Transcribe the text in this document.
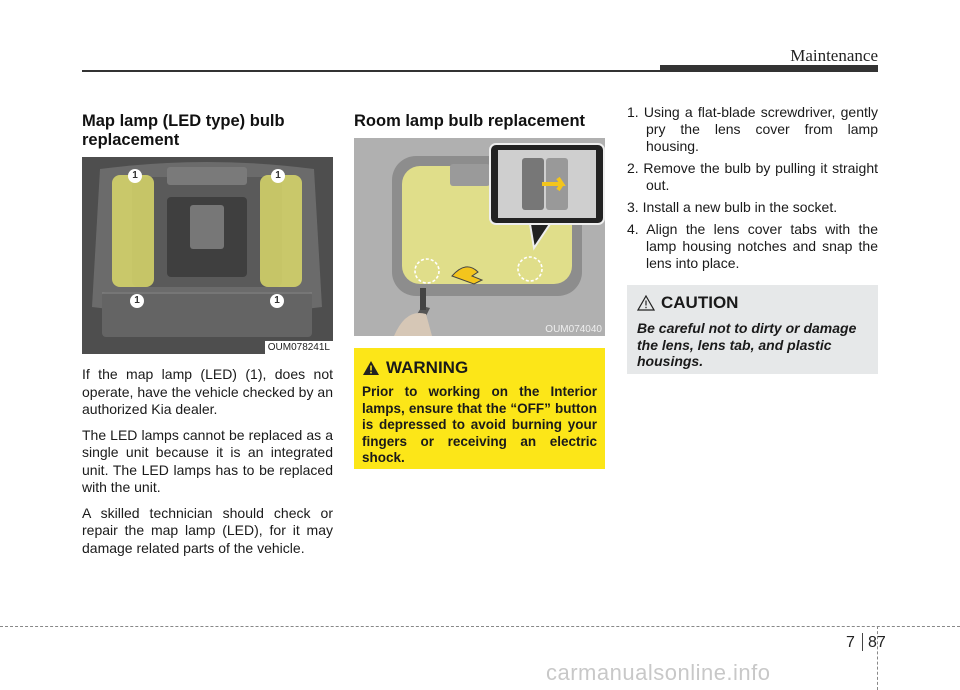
Maintenance
Map lamp (LED type) bulb replacement
1	1
1	1
OUM078241L

If the map lamp (LED) (1), does not operate, have the vehicle checked by an authorized Kia dealer.

The LED lamps cannot be replaced as a single unit because it is an integrated unit. The LED lamps has to be replaced with the unit.

A skilled technician should check or repair the map lamp (LED), for it may damage related parts of the vehicle.

Room lamp bulb replacement
OUM074040
WARNING
Prior to working on the Interior lamps, ensure that the “OFF” button is depressed to avoid burning your fingers or receiving an electric shock.
1. Using a flat-blade screwdriver, gently pry the lens cover from lamp housing.
2. Remove the bulb by pulling it straight out.
3. Install a new bulb in the socket.
4. Align the lens cover tabs with the lamp housing notches and snap the lens into place.
CAUTION
Be careful not to dirty or damage the lens, lens tab, and plastic housings.
7 87
carmanualsonline.info
